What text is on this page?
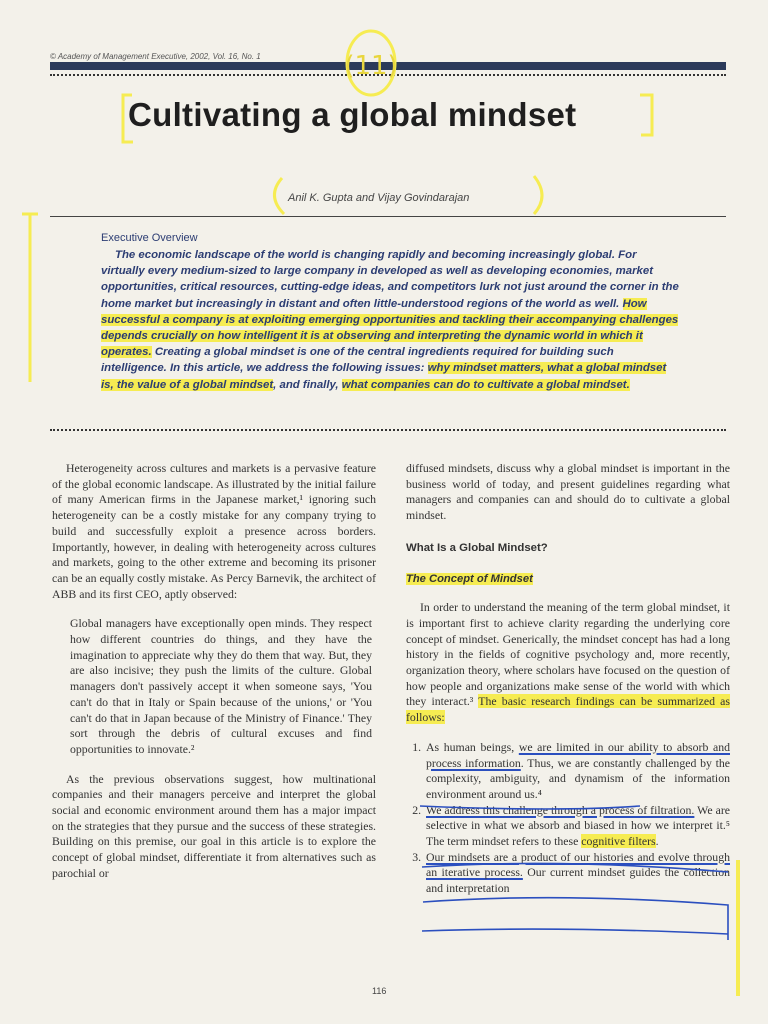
© Academy of Management Executive, 2002, Vol. 16, No. 1
Cultivating a global mindset
Anil K. Gupta and Vijay Govindarajan
Executive Overview
The economic landscape of the world is changing rapidly and becoming increasingly global. For virtually every medium-sized to large company in developed as well as developing economies, market opportunities, critical resources, cutting-edge ideas, and competitors lurk not just around the corner in the home market but increasingly in distant and often little-understood regions of the world as well. How successful a company is at exploiting emerging opportunities and tackling their accompanying challenges depends crucially on how intelligent it is at observing and interpreting the dynamic world in which it operates. Creating a global mindset is one of the central ingredients required for building such intelligence. In this article, we address the following issues: why mindset matters, what a global mindset is, the value of a global mindset, and finally, what companies can do to cultivate a global mindset.

Heterogeneity across cultures and markets is a pervasive feature of the global economic landscape. As illustrated by the initial failure of many American firms in the Japanese market,¹ ignoring such heterogeneity can be a costly mistake for any company trying to build and successfully exploit a presence across borders. Importantly, however, in dealing with heterogeneity across cultures and markets, going to the other extreme and becoming its prisoner can be an equally costly mistake. As Percy Barnevik, the architect of ABB and its first CEO, aptly observed:

Global managers have exceptionally open minds. They respect how different countries do things, and they have the imagination to appreciate why they do them that way. But, they are also incisive; they push the limits of the culture. Global managers don't passively accept it when someone says, 'You can't do that in Italy or Spain because of the unions,' or 'You can't do that in Japan because of the Ministry of Finance.' They sort through the debris of cultural excuses and find opportunities to innovate.²

As the previous observations suggest, how multinational companies and their managers perceive and interpret the global social and economic environment around them has a major impact on the strategies that they pursue and the success of these strategies. Building on this premise, our goal in this article is to explore the concept of global mindset, differentiate it from alternatives such as parochial or

diffused mindsets, discuss why a global mindset is important in the business world of today, and present guidelines regarding what managers and companies can and should do to cultivate a global mindset.

What Is a Global Mindset?

The Concept of Mindset

In order to understand the meaning of the term global mindset, it is important first to achieve clarity regarding the underlying core concept of mindset. Generically, the mindset concept has had a long history in the fields of cognitive psychology and, more recently, organization theory, where scholars have focused on the question of how people and organizations make sense of the world with which they interact.³ The basic research findings can be summarized as follows:

1. As human beings, we are limited in our ability to absorb and process information. Thus, we are constantly challenged by the complexity, ambiguity, and dynamism of the information environment around us.⁴
2. We address this challenge through a process of filtration. We are selective in what we absorb and biased in how we interpret it.⁵ The term mindset refers to these cognitive filters.
3. Our mindsets are a product of our histories and evolve through an iterative process. Our current mindset guides the collection and interpretation
116
(11)
